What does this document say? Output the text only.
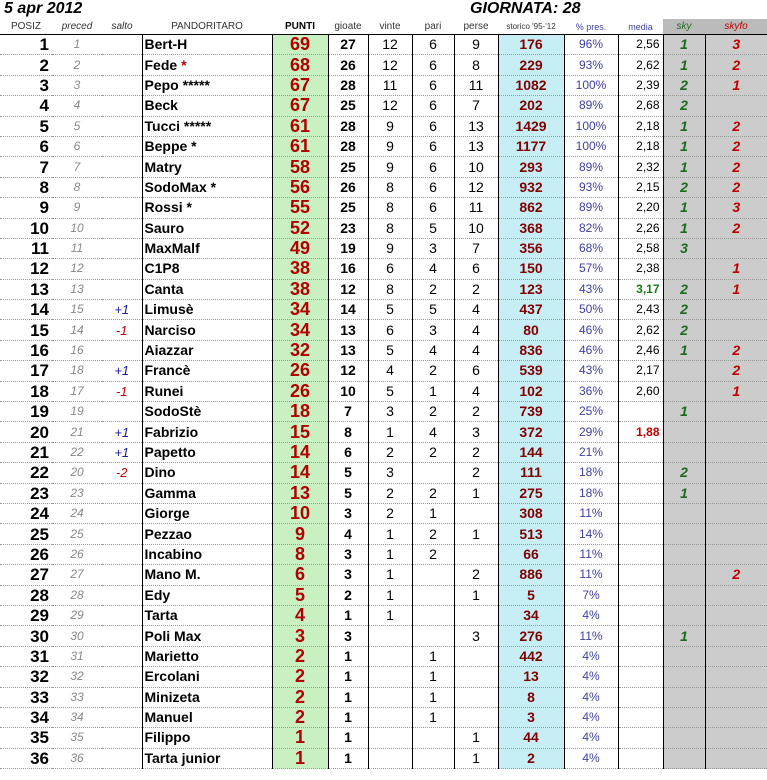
5 apr 2012	GIORNATA: 28
POSIZ	preced	salto	PANDORITARO	PUNTI	gioate	vinte	pari	perse	storico '95-'12	% pres.	media	sky	skyfo
1	1		Bert-H	69	27	12	6	9	176	96%	2,56	1	3
2	2		Fede *	68	26	12	6	8	229	93%	2,62	1	2
3	3		Pepo *****	67	28	11	6	11	1082	100%	2,39	2	1
4	4		Beck	67	25	12	6	7	202	89%	2,68	2	
5	5		Tucci *****	61	28	9	6	13	1429	100%	2,18	1	2
6	6		Beppe *	61	28	9	6	13	1177	100%	2,18	1	2
7	7		Matry	58	25	9	6	10	293	89%	2,32	1	2
8	8		SodoMax *	56	26	8	6	12	932	93%	2,15	2	2
9	9		Rossi *	55	25	8	6	11	862	89%	2,20	1	3
10	10		Sauro	52	23	8	5	10	368	82%	2,26	1	2
11	11		MaxMalf	49	19	9	3	7	356	68%	2,58	3	
12	12		C1P8	38	16	6	4	6	150	57%	2,38		1
13	13		Canta	38	12	8	2	2	123	43%	3,17	2	1
14	15	+1	Limusè	34	14	5	5	4	437	50%	2,43	2	
15	14	-1	Narciso	34	13	6	3	4	80	46%	2,62	2	
16	16		Aiazzar	32	13	5	4	4	836	46%	2,46	1	2
17	18	+1	Francè	26	12	4	2	6	539	43%	2,17		2
18	17	-1	Runei	26	10	5	1	4	102	36%	2,60		1
19	19		SodoStè	18	7	3	2	2	739	25%		1	
20	21	+1	Fabrizio	15	8	1	4	3	372	29%	1,88		
21	22	+1	Papetto	14	6	2	2	2	144	21%			
22	20	-2	Dino	14	5	3		2	111	18%		2	
23	23		Gamma	13	5	2	2	1	275	18%		1	
24	24		Giorge	10	3	2	1		308	11%			
25	25		Pezzao	9	4	1	2	1	513	14%			
26	26		Incabino	8	3	1	2		66	11%			
27	27		Mano M.	6	3	1		2	886	11%			2
28	28		Edy	5	2	1		1	5	7%			
29	29		Tarta	4	1	1			34	4%			
30	30		Poli Max	3	3			3	276	11%		1	
31	31		Marietto	2	1		1		442	4%			
32	32		Ercolani	2	1		1		13	4%			
33	33		Minizeta	2	1		1		8	4%			
34	34		Manuel	2	1		1		3	4%			
35	35		Filippo	1	1			1	44	4%			
36	36		Tarta junior	1	1			1	2	4%			
